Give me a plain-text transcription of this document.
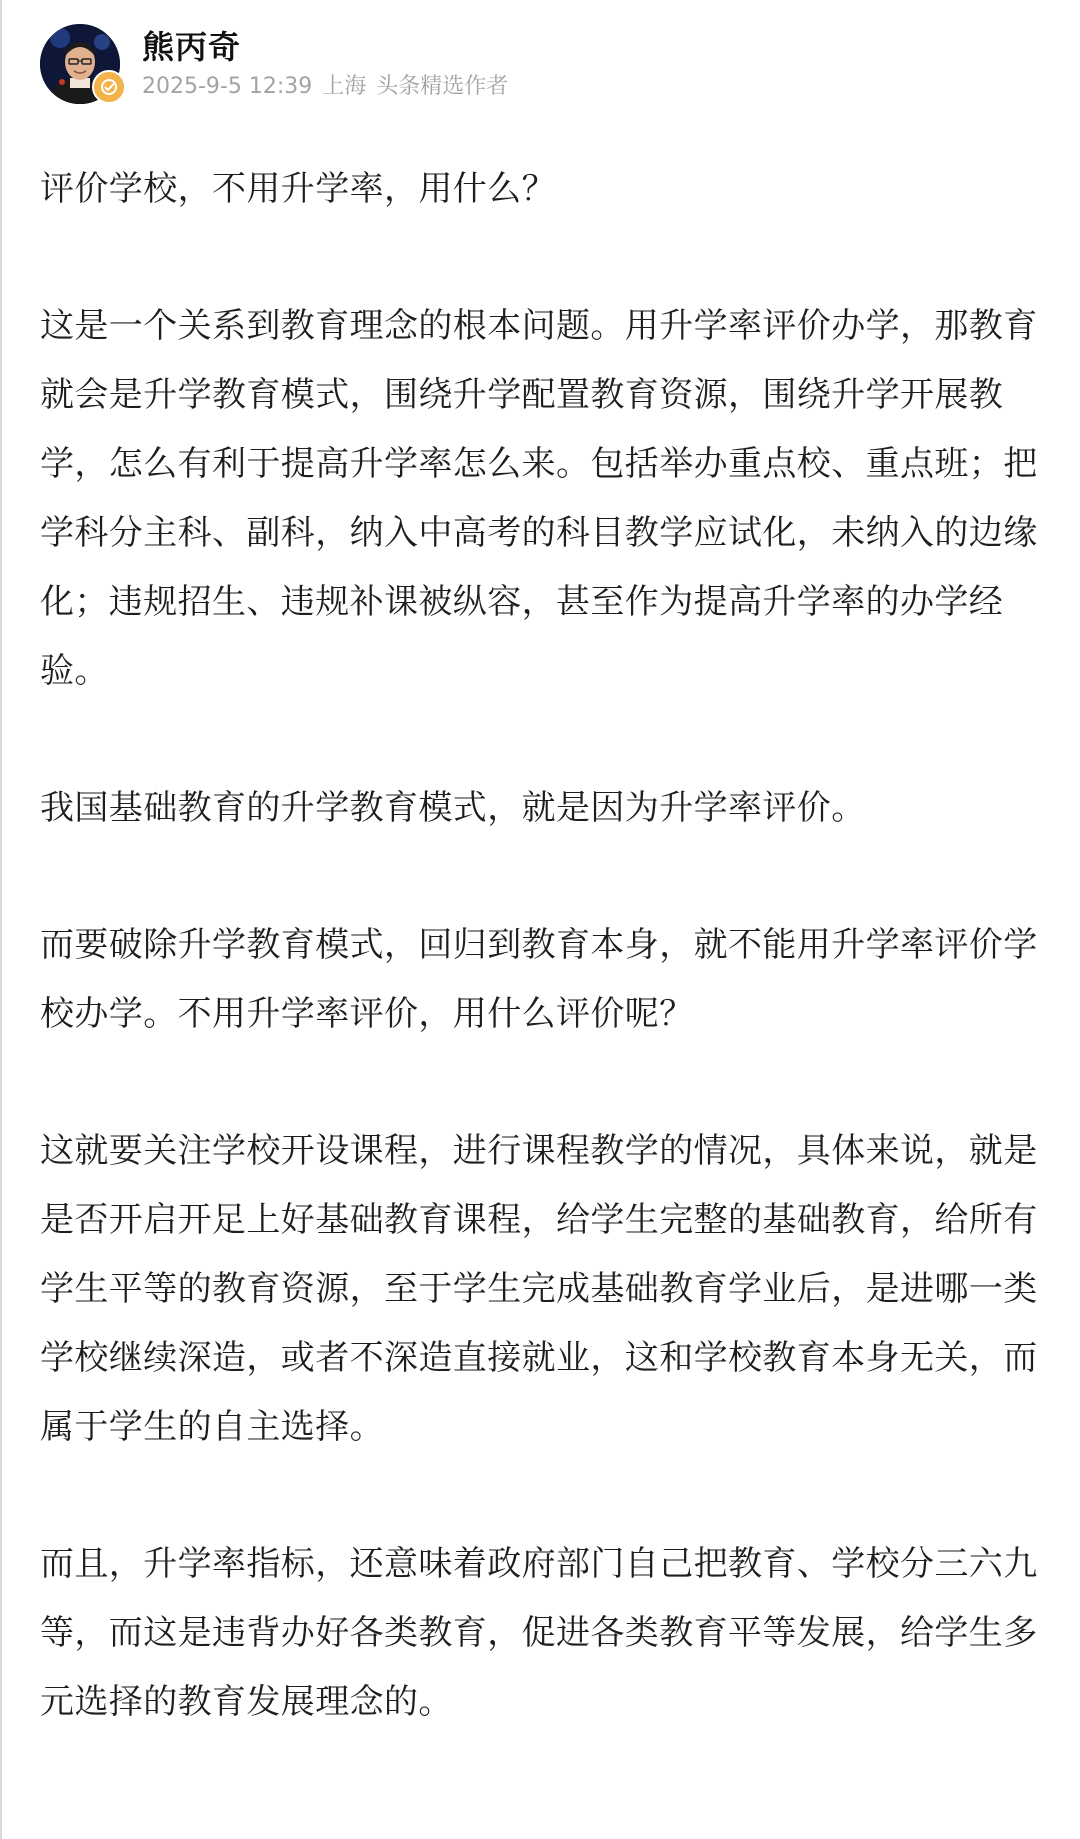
熊丙奇
2025-9-5 12:39 上海 头条精选作者

评价学校，不用升学率，用什么？

这是一个关系到教育理念的根本问题。用升学率评价办学，那教育就会是升学教育模式，围绕升学配置教育资源，围绕升学开展教学，怎么有利于提高升学率怎么来。包括举办重点校、重点班；把学科分主科、副科，纳入中高考的科目教学应试化，未纳入的边缘化；违规招生、违规补课被纵容，甚至作为提高升学率的办学经验。

我国基础教育的升学教育模式，就是因为升学率评价。

而要破除升学教育模式，回归到教育本身，就不能用升学率评价学校办学。不用升学率评价，用什么评价呢？

这就要关注学校开设课程，进行课程教学的情况，具体来说，就是是否开启开足上好基础教育课程，给学生完整的基础教育，给所有学生平等的教育资源，至于学生完成基础教育学业后，是进哪一类学校继续深造，或者不深造直接就业，这和学校教育本身无关，而属于学生的自主选择。

而且，升学率指标，还意味着政府部门自己把教育、学校分三六九等，而这是违背办好各类教育，促进各类教育平等发展，给学生多元选择的教育发展理念的。
